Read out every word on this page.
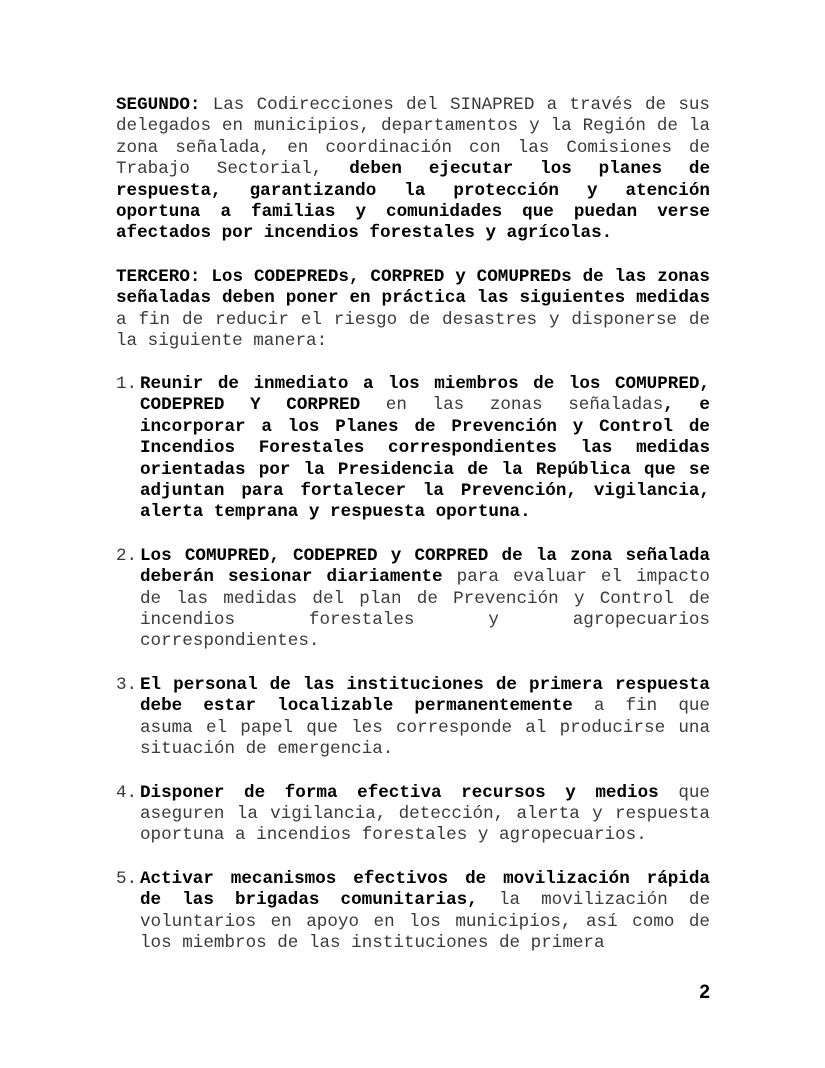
SEGUNDO: Las Codirecciones del SINAPRED a través de sus delegados en municipios, departamentos y la Región de la zona señalada, en coordinación con las Comisiones de Trabajo Sectorial, deben ejecutar los planes de respuesta, garantizando la protección y atención oportuna a familias y comunidades que puedan verse afectados por incendios forestales y agrícolas.

TERCERO: Los CODEPREDs, CORPRED y COMUPREDs de las zonas señaladas deben poner en práctica las siguientes medidas a fin de reducir el riesgo de desastres y disponerse de la siguiente manera:

1. Reunir de inmediato a los miembros de los COMUPRED, CODEPRED Y CORPRED en las zonas señaladas, e incorporar a los Planes de Prevención y Control de Incendios Forestales correspondientes las medidas orientadas por la Presidencia de la República que se adjuntan para fortalecer la Prevención, vigilancia, alerta temprana y respuesta oportuna.
2. Los COMUPRED, CODEPRED y CORPRED de la zona señalada deberán sesionar diariamente para evaluar el impacto de las medidas del plan de Prevención y Control de incendios forestales y agropecuarios correspondientes.
3. El personal de las instituciones de primera respuesta debe estar localizable permanentemente a fin que asuma el papel que les corresponde al producirse una situación de emergencia.
4. Disponer de forma efectiva recursos y medios que aseguren la vigilancia, detección, alerta y respuesta oportuna a incendios forestales y agropecuarios.
5. Activar mecanismos efectivos de movilización rápida de las brigadas comunitarias, la movilización de voluntarios en apoyo en los municipios, así como de los miembros de las instituciones de primera
2
